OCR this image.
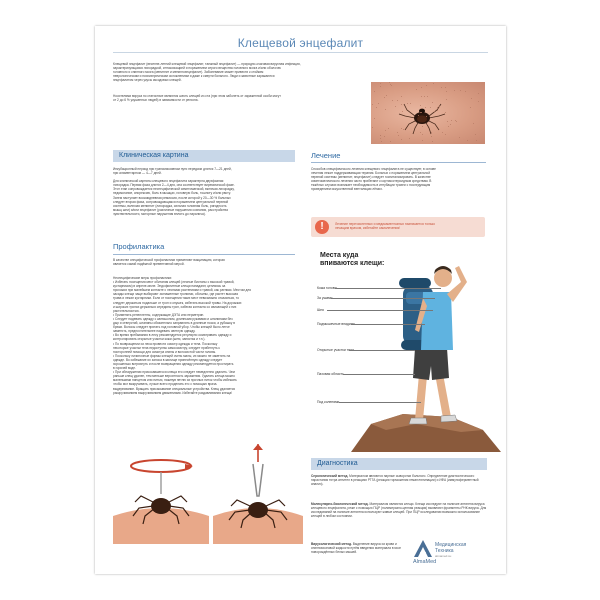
Клещевой энцефалит
Клещевой энцефалит (весенне-летний клещевой энцефалит, таежный энцефалит) — природно-очаговая вирусная инфекция,
характеризующаяся лихорадкой, интоксикацией и поражением серого вещества головного мозга и/или оболочек
головного и спинного мозга (менингит и менингоэнцефалит). Заболевание может привести к стойким
неврологическим и психиатрическим осложнениям и даже к смерти больного. Люди и животные заражаются
энцефалитом через укусы иксодовых клещей.
Носителями вируса по статистике являются шесть клещей из ста (при этом заболеть от зараженной особи могут
от 2 до 6 % укушенных людей) в зависимости от региона.
Клиническая картина
Инкубационный период при трансмиссивном пути передачи длится 7—21 дней,
при алиментарном — 4—7 дней.
Для клинической картины клещевого энцефалита характерна двухфазная
лихорадка. Первая фаза длится 2—4 дня, она соответствует виремической фазе.
Этот этап сопровождается неспецифической симптоматикой, включая лихорадку,
недомогание, анорексию, боль в мышцах, головную боль, тошноту и/или рвоту.
Затем наступает восьмидневная ремиссия, после которой у 20—30 % больных
следует вторая фаза, сопровождающаяся поражением центральной нервной
системы, включая менингит (лихорадка, сильная головная боль, ригидность
мышц шеи) и/или энцефалит (различные нарушения сознания, расстройства
чувствительности, моторные нарушения вплоть до паралича).
Лечение
Способов специфического лечения клещевого энцефалита не существует, в основе
лечения лежит поддерживающая терапия. Больных с поражением центральной
нервной системы (менингит, энцефалит) следует госпитализировать. В качестве
симптоматического лечения часто прибегают к кортикостероидным средствам. В
тяжёлых случаях возникает необходимость в интубации трахеи с последующим
проведением искусственной вентиляции лёгких.
!	Лечение перечисленных и медикаментозных назначается только
лечащим врачом, избегайте самолечения!
Профилактика
В качестве специфической профилактики применяют вакцинацию, которая
является самой надёжной превентивной мерой.
Неспецифические меры профилактики:
• Избегать посещения мест обитания клещей (лесные биотопы с высокой травой,
кустарником) в апреле-июле. Эндофилитные клещи нападают, цепляясь за
прохожих при малейшем контакте с лесными растениями и травой, как ратники. Местом для
засады клещи чаще выбирают заглаженные тропинки, обочины, где растет высокая
трава и лежат кустарники. Если от посещения таких мест невозможно отказаться, то
следует держаться подальше от троп и опушек, избегать высокой травы. На дорожках
и широких тропах держаться середины троп, избегая контакта со свисающей с них
растительностью.
• Применять репелленты, содержащие ДЭТА или перметрин.
• Следует надевать одежду с капюшоном, длинными рукавами и штанинами без
дыр и отверстий, штанины обязательно заправлять в длинные носки, а рубашку в
брюки. Волосы следует прятать под головной убор. Чтобы клещей было легче
заметить, предпочтительнее надевать светлую одежду.
• Во время пребывания в лесу рекомендуется регулярно осматривать одежду и
контролировать открытые участки кожи (шею, запястья и т.п.).
• По возвращении из леса провести осмотр одежды и тела. Поскольку
некоторые участки тела недоступны самоосмотру, следует прибегнуть к
посторонней помощи для осмотра спины и волосистой части головы.
• Поскольку личиночные формы клещей очень малы, их можно не заметить на
одежде. Во избежание их заноса в жилище принесённую одежду следует
хорошенько встряхнуть и после возвращения одежду рекомендуется простирать
в горячей воде.
• При обнаружении присосавшегося клеща его следует немедленно удалить. Чем
раньше клещ удален, тем меньше вероятность заражения. Удалять клеща можно
маленькими пинцетом или нитью, накинув петлю из прочных ниток чтобы избежать
чтобы мог выкручивать, лучше всего проделать это с помощью врача.
выдергивание. Вращать присасывание специальные устройства. Клещ удаляется
раскручиванием выкручиванием движениями. Избегайте раздавливания клеща!
Места куда
впиваются клещи:
Кожа головы
За ушами
Шея
Подмышечные впадины
Открытые участки тела
Паховая область
Под коленями
Диагностика
Серологический метод. Материалом являются парные сыворотки больного. Определение диагностического нарастания титра антител в реакциях РТГА (реакция торможения гемагглютинации) и ИФА (иммуноферментный анализ).
Молекулярно-биологический метод. Материалом являются клещи. Клещи исследуют на наличие антигена вируса клещевого энцефалита, реже с помощью ПЦР (полимеразно-цепная реакция) выявляют фрагменты РНК вируса. Для исследований на наличие антигена используют живые клещей. При ПЦР исследовании возможно использование клещей в любом состоянии.
Вирусологический метод. Выделение вируса из крови и спинномозговой жидкости путём введения материала в мозг новорождённых белых мышей.
Медицинская
Техника
almamed.su
AlmaMed
